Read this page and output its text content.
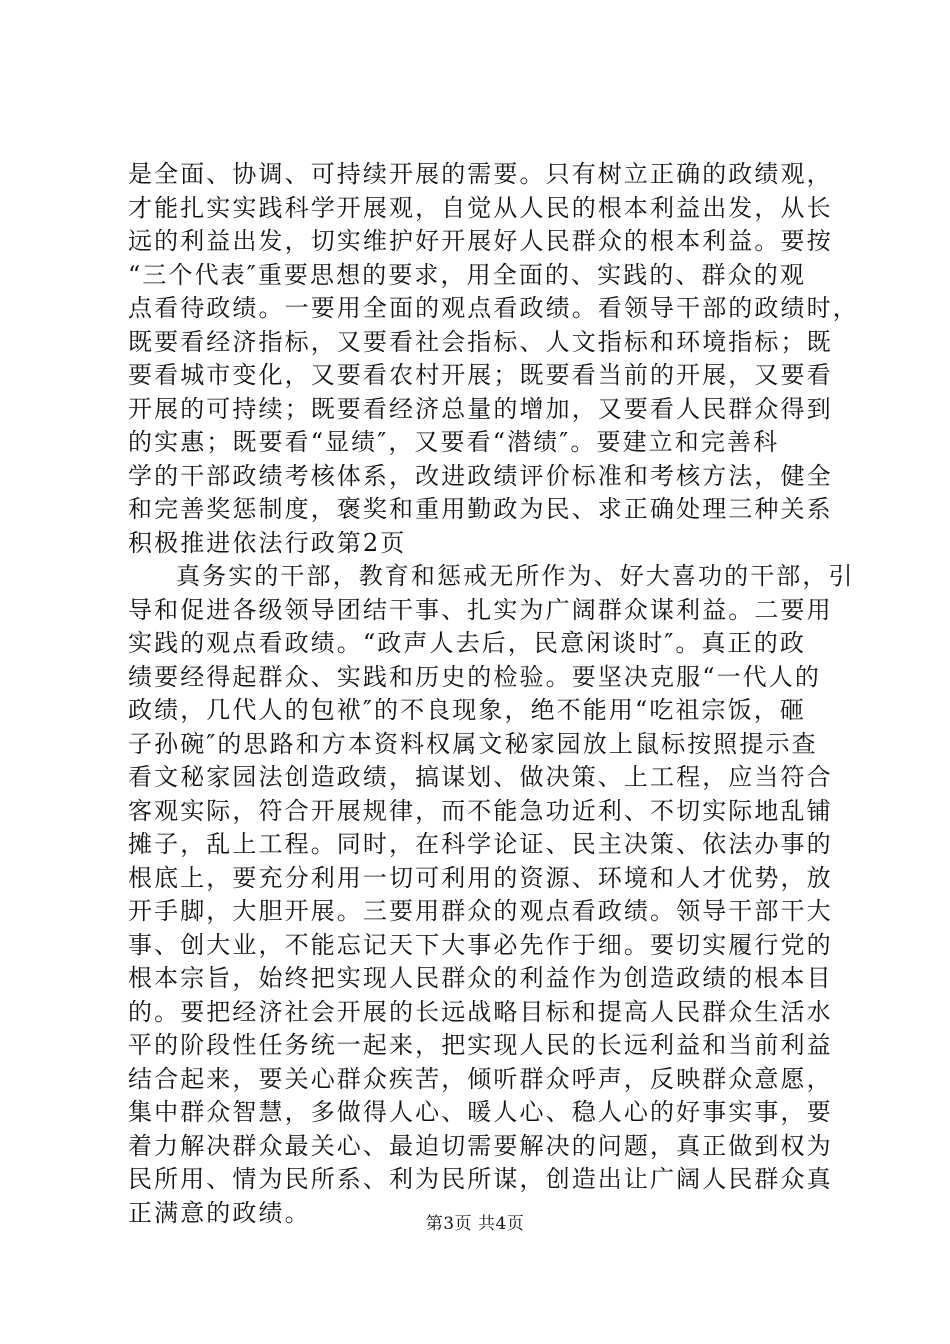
是全面、协调、可持续开展的需要。只有树立正确的政绩观，
才能扎实实践科学开展观，自觉从人民的根本利益出发，从长
远的利益出发，切实维护好开展好人民群众的根本利益。要按
“三个代表″重要思想的要求，用全面的、实践的、群众的观
点看待政绩。一要用全面的观点看政绩。看领导干部的政绩时，
既要看经济指标，又要看社会指标、人文指标和环境指标；既
要看城市变化，又要看农村开展；既要看当前的开展，又要看
开展的可持续；既要看经济总量的增加，又要看人民群众得到
的实惠；既要看“显绩″，又要看“潜绩″。要建立和完善科
学的干部政绩考核体系，改进政绩评价标准和考核方法，健全
和完善奖惩制度，褒奖和重用勤政为民、求正确处理三种关系
积极推进依法行政第2页
真务实的干部，教育和惩戒无所作为、好大喜功的干部，引
导和促进各级领导团结干事、扎实为广阔群众谋利益。二要用
实践的观点看政绩。“政声人去后，民意闲谈时″。真正的政
绩要经得起群众、实践和历史的检验。要坚决克服“一代人的
政绩，几代人的包袱″的不良现象，绝不能用“吃祖宗饭，砸
子孙碗″的思路和方本资料权属文秘家园放上鼠标按照提示查
看文秘家园法创造政绩，搞谋划、做决策、上工程，应当符合
客观实际，符合开展规律，而不能急功近利、不切实际地乱铺
摊子，乱上工程。同时，在科学论证、民主决策、依法办事的
根底上，要充分利用一切可利用的资源、环境和人才优势，放
开手脚，大胆开展。三要用群众的观点看政绩。领导干部干大
事、创大业，不能忘记天下大事必先作于细。要切实履行党的
根本宗旨，始终把实现人民群众的利益作为创造政绩的根本目
的。要把经济社会开展的长远战略目标和提高人民群众生活水
平的阶段性任务统一起来，把实现人民的长远利益和当前利益
结合起来，要关心群众疾苦，倾听群众呼声，反映群众意愿，
集中群众智慧，多做得人心、暖人心、稳人心的好事实事，要
着力解决群众最关心、最迫切需要解决的问题，真正做到权为
民所用、情为民所系、利为民所谋，创造出让广阔人民群众真
正满意的政绩。	第3页 共4页
